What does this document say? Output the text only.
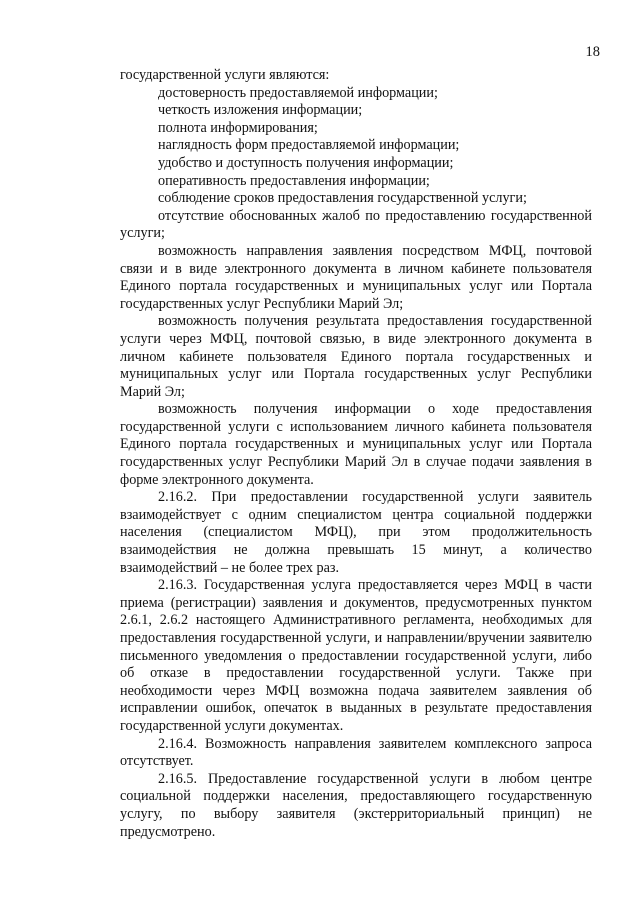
18

государственной услуги являются:

достоверность предоставляемой информации;

четкость изложения информации;

полнота информирования;

наглядность форм предоставляемой информации;

удобство и доступность получения информации;

оперативность предоставления информации;

соблюдение сроков предоставления государственной услуги;

отсутствие обоснованных жалоб по предоставлению государственной услуги;

возможность направления заявления посредством МФЦ, почтовой связи и в виде электронного документа в личном кабинете пользователя Единого портала государственных и муниципальных услуг или Портала государственных услуг Республики Марий Эл;

возможность получения результата предоставления государственной услуги через МФЦ, почтовой связью, в виде электронного документа в личном кабинете пользователя Единого портала государственных и муниципальных услуг или Портала государственных услуг Республики Марий Эл;

возможность получения информации о ходе предоставления государственной услуги с использованием личного кабинета пользователя Единого портала государственных и муниципальных услуг или Портала государственных услуг Республики Марий Эл в случае подачи заявления в форме электронного документа.

2.16.2. При предоставлении государственной услуги заявитель взаимодействует с одним специалистом центра социальной поддержки населения (специалистом МФЦ), при этом продолжительность взаимодействия не должна превышать 15 минут, а количество взаимодействий – не более трех раз.

2.16.3. Государственная услуга предоставляется через МФЦ в части приема (регистрации) заявления и документов, предусмотренных пунктом 2.6.1, 2.6.2 настоящего Административного регламента, необходимых для предоставления государственной услуги, и направлении/вручении заявителю письменного уведомления о предоставлении государственной услуги, либо об отказе в предоставлении государственной услуги. Также при необходимости через МФЦ возможна подача заявителем заявления об исправлении ошибок, опечаток в выданных в результате предоставления государственной услуги документах.

2.16.4. Возможность направления заявителем комплексного запроса отсутствует.

2.16.5. Предоставление государственной услуги в любом центре социальной поддержки населения, предоставляющего государственную услугу, по выбору заявителя (экстерриториальный принцип) не предусмотрено.
